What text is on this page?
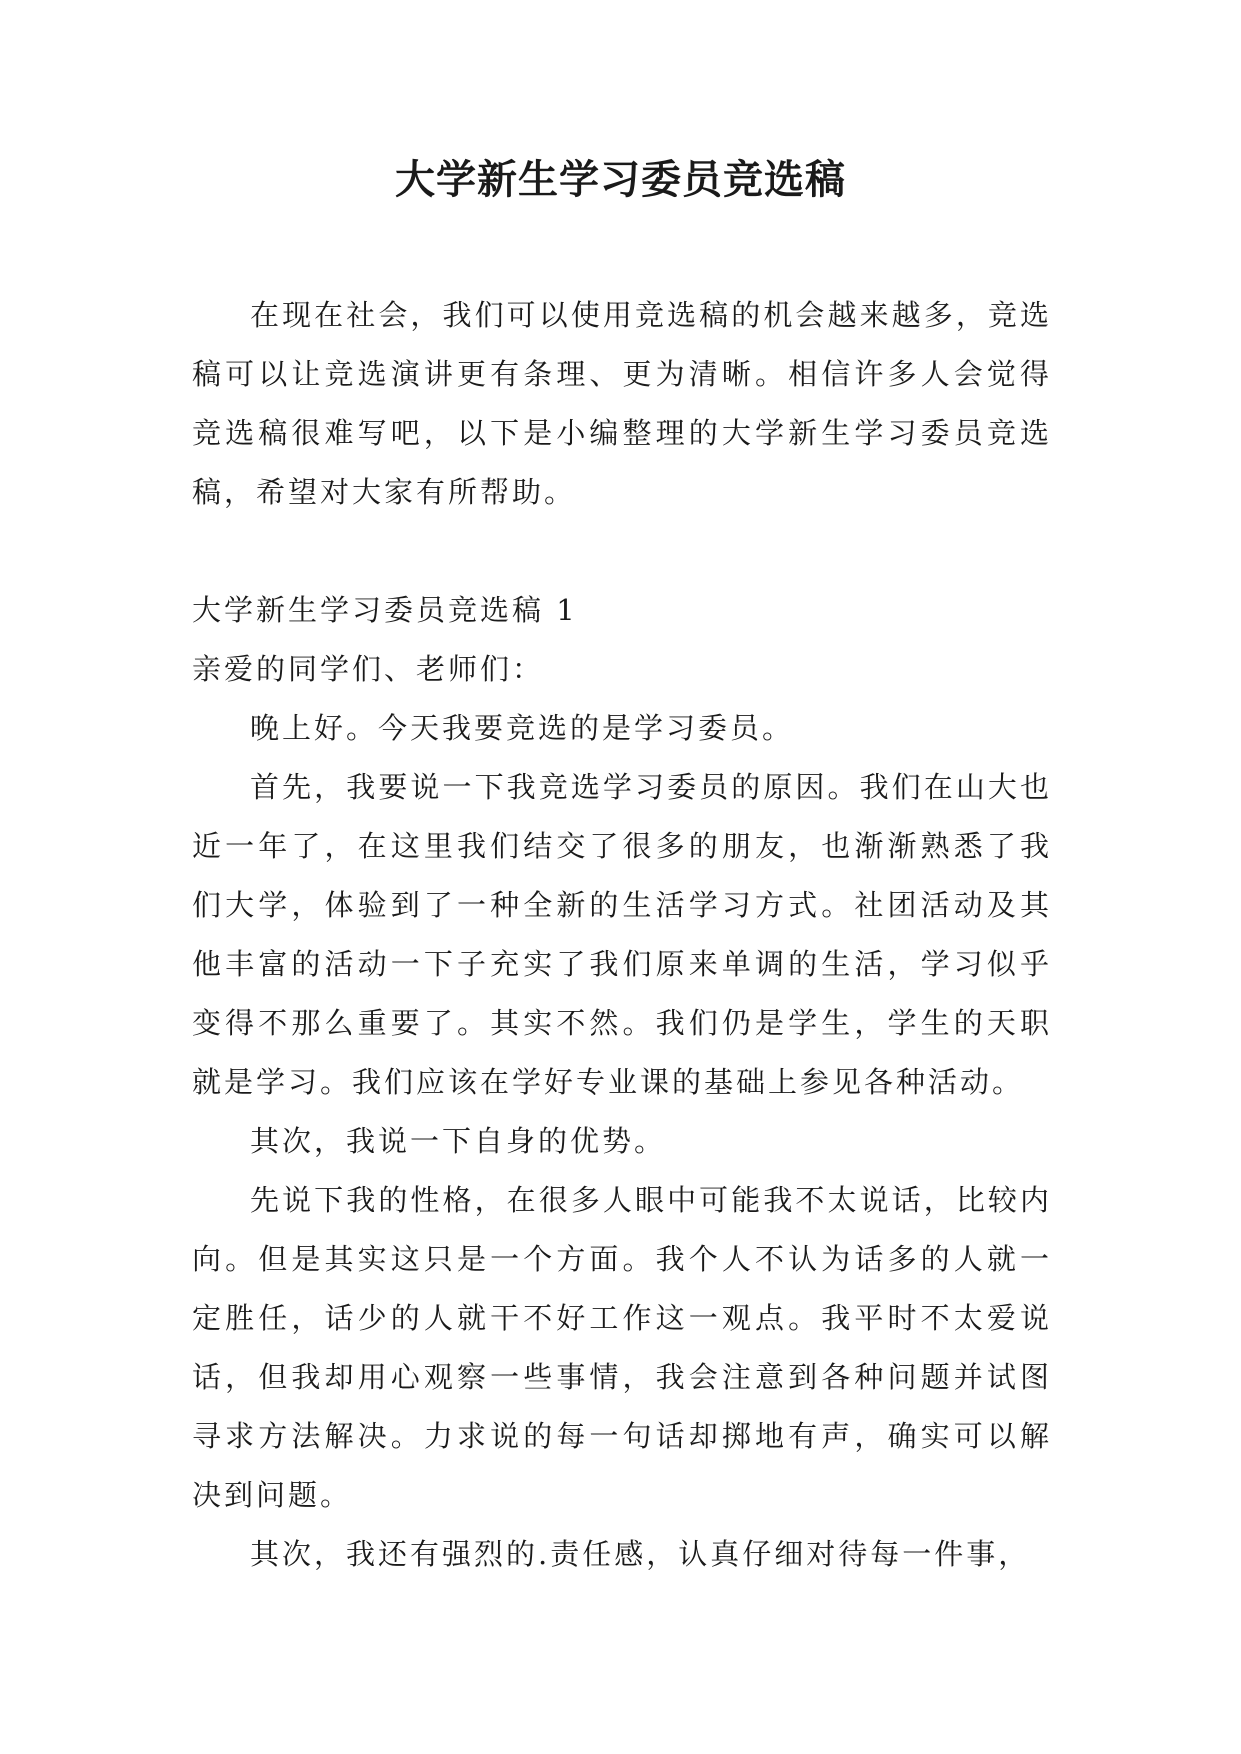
大学新生学习委员竞选稿

在现在社会，我们可以使用竞选稿的机会越来越多，竞选稿可以让竞选演讲更有条理、更为清晰。相信许多人会觉得竞选稿很难写吧，以下是小编整理的大学新生学习委员竞选稿，希望对大家有所帮助。

大学新生学习委员竞选稿 1

亲爱的同学们、老师们：

晚上好。今天我要竞选的是学习委员。

首先，我要说一下我竞选学习委员的原因。我们在山大也近一年了，在这里我们结交了很多的朋友，也渐渐熟悉了我们大学，体验到了一种全新的生活学习方式。社团活动及其他丰富的活动一下子充实了我们原来单调的生活，学习似乎变得不那么重要了。其实不然。我们仍是学生，学生的天职就是学习。我们应该在学好专业课的基础上参见各种活动。

其次，我说一下自身的优势。

先说下我的性格，在很多人眼中可能我不太说话，比较内向。但是其实这只是一个方面。我个人不认为话多的人就一定胜任，话少的人就干不好工作这一观点。我平时不太爱说话，但我却用心观察一些事情，我会注意到各种问题并试图寻求方法解决。力求说的每一句话却掷地有声，确实可以解决到问题。

其次，我还有强烈的.责任感，认真仔细对待每一件事，
